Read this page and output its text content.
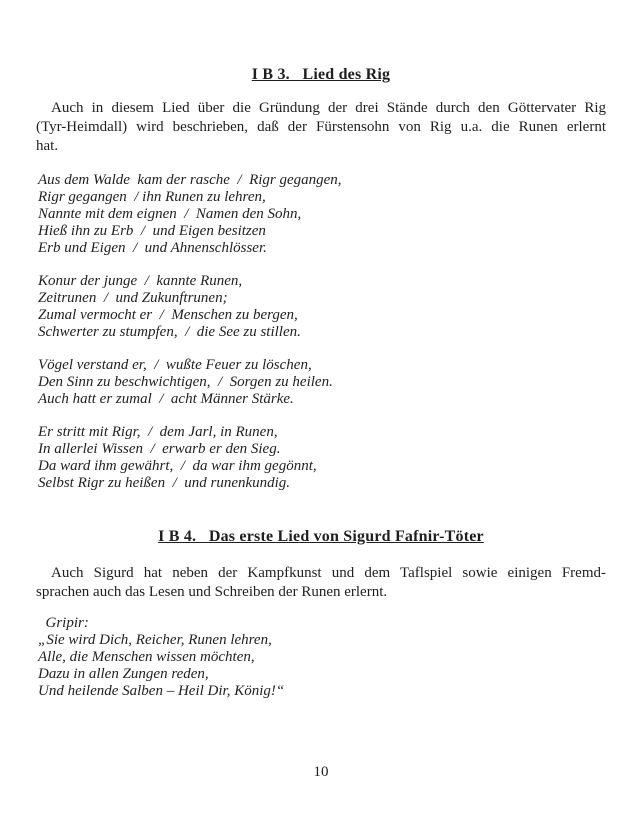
I B 3.   Lied des Rig
Auch in diesem Lied über die Gründung der drei Stände durch den Göttervater Rig
(Tyr-Heimdall) wird beschrieben, daß der Fürstensohn von Rig u.a. die Runen erlernt
hat.
Aus dem Walde  kam der rasche  /  Rigr gegangen,
Rigr gegangen  / ihn Runen zu lehren,
Nannte mit dem eignen  /  Namen den Sohn,
Hieß ihn zu Erb  /  und Eigen besitzen
Erb und Eigen  /  und Ahnenschlösser.
Konur der junge  /  kannte Runen,
Zeitrunen  /  und Zukunftrunen;
Zumal vermocht er  /  Menschen zu bergen,
Schwerter zu stumpfen,  /  die See zu stillen.
Vögel verstand er,  /  wußte Feuer zu löschen,
Den Sinn zu beschwichtigen,  /  Sorgen zu heilen.
Auch hatt er zumal  /  acht Männer Stärke.
Er stritt mit Rigr,  /  dem Jarl, in Runen,
In allerlei Wissen  /  erwarb er den Sieg.
Da ward ihm gewährt,  /  da war ihm gegönnt,
Selbst Rigr zu heißen  /  und runenkundig.
I B 4.   Das erste Lied von Sigurd Fafnir-Töter
Auch Sigurd hat neben der Kampfkunst und dem Taflspiel sowie einigen Fremd-
sprachen auch das Lesen und Schreiben der Runen erlernt.
Gripir:
„Sie wird Dich, Reicher, Runen lehren,
Alle, die Menschen wissen möchten,
Dazu in allen Zungen reden,
Und heilende Salben – Heil Dir, König!“
10
